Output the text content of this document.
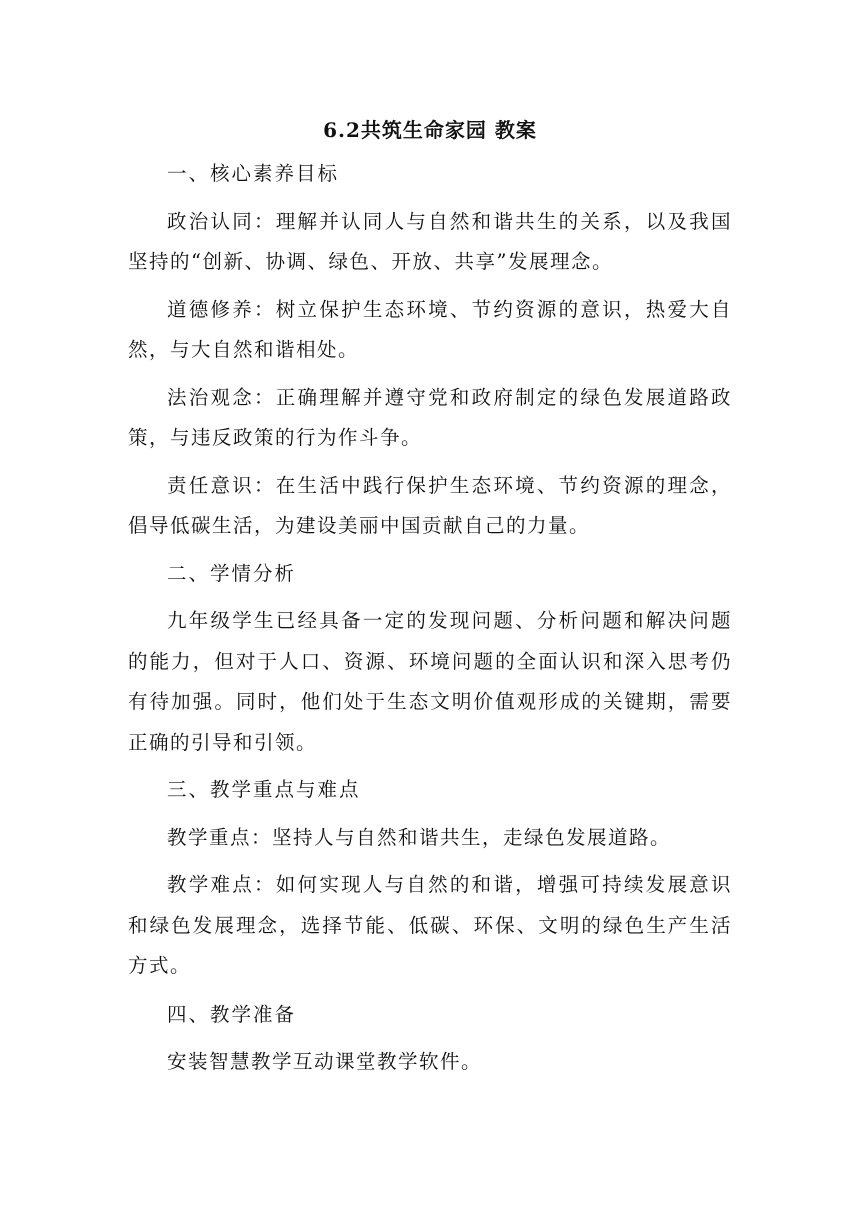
6.2共筑生命家园 教案

一、核心素养目标

政治认同：理解并认同人与自然和谐共生的关系，以及我国坚持的“创新、协调、绿色、开放、共享”发展理念。

道德修养：树立保护生态环境、节约资源的意识，热爱大自然，与大自然和谐相处。

法治观念：正确理解并遵守党和政府制定的绿色发展道路政策，与违反政策的行为作斗争。

责任意识：在生活中践行保护生态环境、节约资源的理念，倡导低碳生活，为建设美丽中国贡献自己的力量。

二、学情分析

九年级学生已经具备一定的发现问题、分析问题和解决问题的能力，但对于人口、资源、环境问题的全面认识和深入思考仍有待加强。同时，他们处于生态文明价值观形成的关键期，需要正确的引导和引领。

三、教学重点与难点

教学重点：坚持人与自然和谐共生，走绿色发展道路。

教学难点：如何实现人与自然的和谐，增强可持续发展意识和绿色发展理念，选择节能、低碳、环保、文明的绿色生产生活方式。

四、教学准备

安装智慧教学互动课堂教学软件。
